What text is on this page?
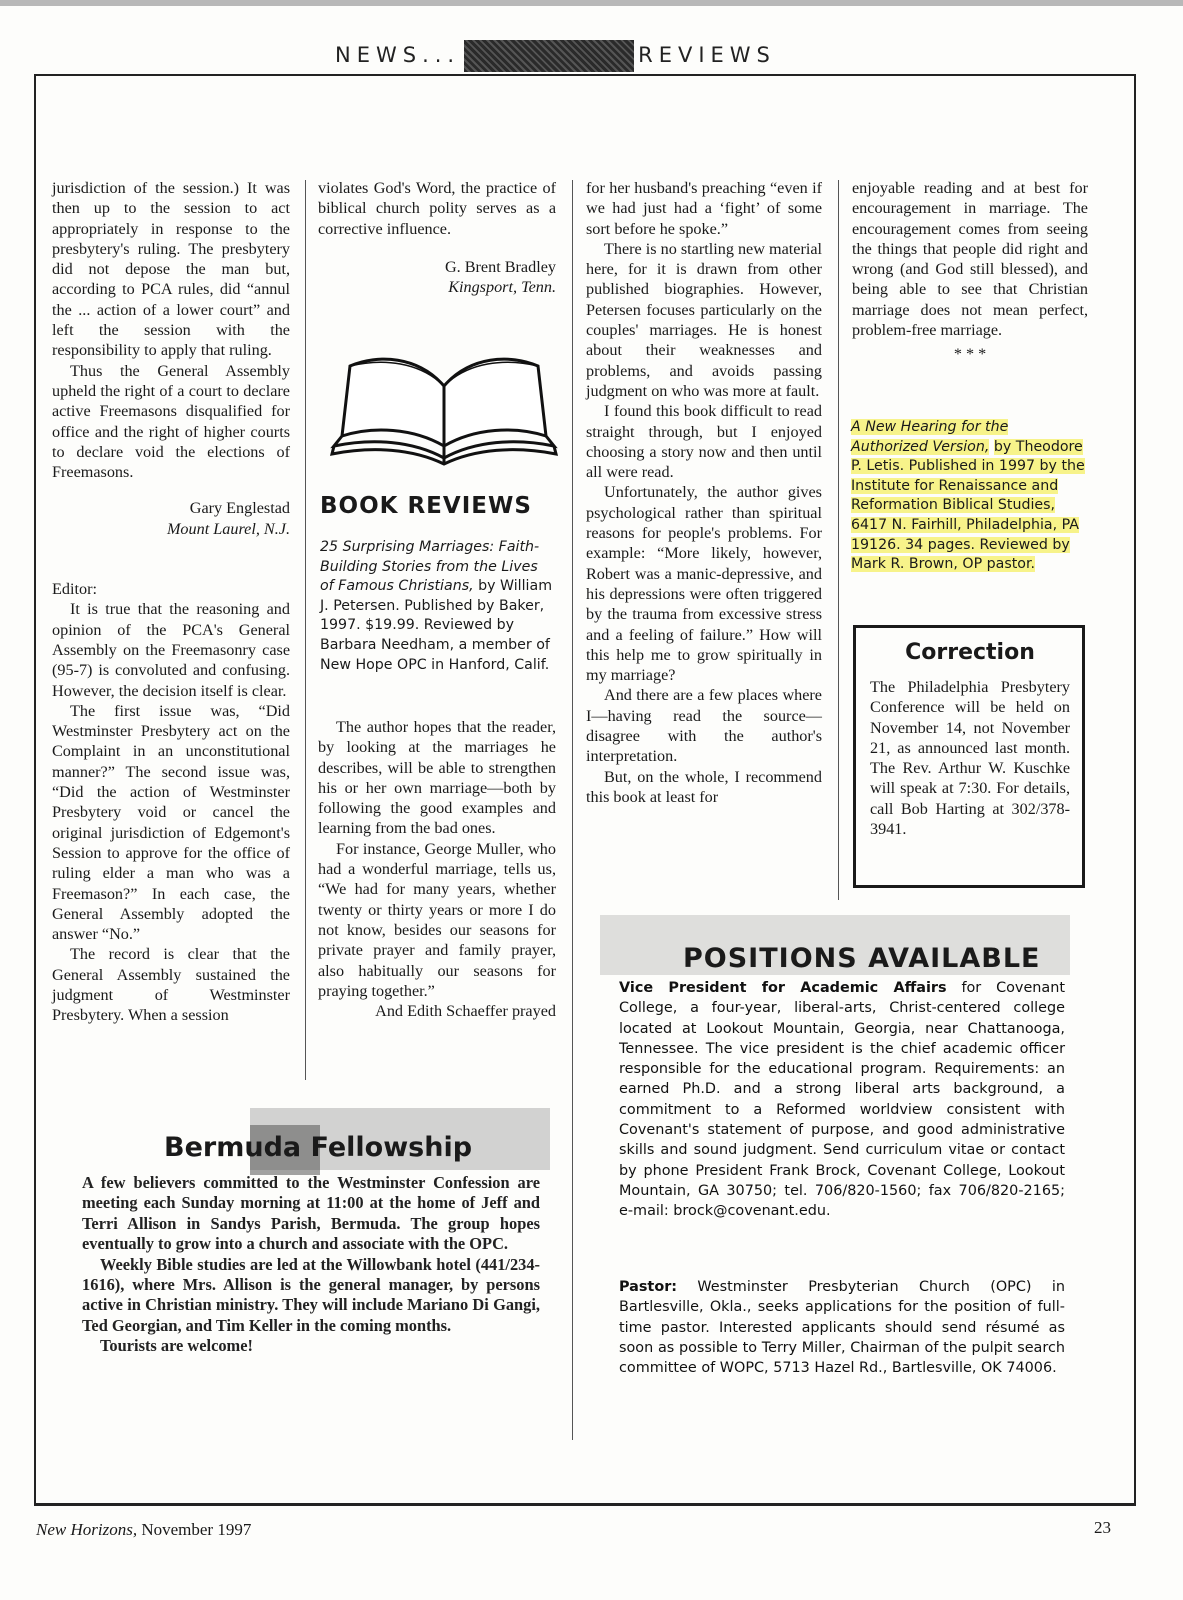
NEWS...	REVIEWS

jurisdiction of the session.) It was then up to the session to act appropriately in response to the presbytery's ruling. The presbytery did not depose the man but, according to PCA rules, did “annul the ... action of a lower court” and left the session with the responsibility to apply that ruling.

Thus the General Assembly upheld the right of a court to declare active Freemasons disqualified for office and the right of higher courts to declare void the elections of Freemasons.

Gary Englestad

Mount Laurel, N.J.

Editor:

It is true that the reasoning and opinion of the PCA's General Assembly on the Freemasonry case (95-7) is convoluted and confusing. However, the decision itself is clear.

The first issue was, “Did Westminster Presbytery act on the Complaint in an unconstitutional manner?” The second issue was, “Did the action of Westminster Presbytery void or cancel the original jurisdiction of Edgemont's Session to approve for the office of ruling elder a man who was a Freemason?” In each case, the General Assembly adopted the answer “No.”

The record is clear that the General Assembly sustained the judgment of Westminster Presbytery. When a session

violates God's Word, the practice of biblical church polity serves as a corrective influence.

G. Brent Bradley

Kingsport, Tenn.

BOOK REVIEWS
25 Surprising Marriages: Faith-Building Stories from the Lives of Famous Christians, by William J. Petersen. Published by Baker, 1997. $19.99. Reviewed by Barbara Needham, a member of New Hope OPC in Hanford, Calif.

The author hopes that the reader, by looking at the marriages he describes, will be able to strengthen his or her own marriage—both by following the good examples and learning from the bad ones.

For instance, George Muller, who had a wonderful marriage, tells us, “We had for many years, whether twenty or thirty years or more I do not know, besides our seasons for private prayer and family prayer, also habitually our seasons for praying together.”

And Edith Schaeffer prayed

for her husband's preaching “even if we had just had a ‘fight’ of some sort before he spoke.”

There is no startling new material here, for it is drawn from other published biographies. However, Petersen focuses particularly on the couples' marriages. He is honest about their weaknesses and problems, and avoids passing judgment on who was more at fault.

I found this book difficult to read straight through, but I enjoyed choosing a story now and then until all were read.

Unfortunately, the author gives psychological rather than spiritual reasons for people's problems. For example: “More likely, however, Robert was a manic-depressive, and his depressions were often triggered by the trauma from excessive stress and a feeling of failure.” How will this help me to grow spiritually in my marriage?

And there are a few places where I—having read the source—disagree with the author's interpretation.

But, on the whole, I recommend this book at least for

enjoyable reading and at best for encouragement in marriage. The encouragement comes from seeing the things that people did right and wrong (and God still blessed), and being able to see that Christian marriage does not mean perfect, problem-free marriage.

* * *

A New Hearing for the Authorized Version, by Theodore P. Letis. Published in 1997 by the Institute for Renaissance and Reformation Biblical Studies, 6417 N. Fairhill, Philadelphia, PA 19126. 34 pages. Reviewed by Mark R. Brown, OP pastor.
Correction
The Philadelphia Presbytery Conference will be held on November 14, not November 21, as announced last month. The Rev. Arthur W. Kuschke will speak at 7:30. For details, call Bob Harting at 302/378-3941.
Bermuda Fellowship

A few believers committed to the Westminster Confession are meeting each Sunday morning at 11:00 at the home of Jeff and Terri Allison in Sandys Parish, Bermuda. The group hopes eventually to grow into a church and associate with the OPC.

Weekly Bible studies are led at the Willowbank hotel (441/234-1616), where Mrs. Allison is the general manager, by persons active in Christian ministry. They will include Mariano Di Gangi, Ted Georgian, and Tim Keller in the coming months.

Tourists are welcome!

POSITIONS AVAILABLE
Vice President for Academic Affairs for Covenant College, a four-year, liberal-arts, Christ-centered college located at Lookout Mountain, Georgia, near Chattanooga, Tennessee. The vice president is the chief academic officer responsible for the educational program. Requirements: an earned Ph.D. and a strong liberal arts background, a commitment to a Reformed worldview consistent with Covenant's statement of purpose, and good administrative skills and sound judgment. Send curriculum vitae or contact by phone President Frank Brock, Covenant College, Lookout Mountain, GA 30750; tel. 706/820-1560; fax 706/820-2165; e-mail: brock@covenant.edu.
Pastor: Westminster Presbyterian Church (OPC) in Bartlesville, Okla., seeks applications for the position of full-time pastor. Interested applicants should send résumé as soon as possible to Terry Miller, Chairman of the pulpit search committee of WOPC, 5713 Hazel Rd., Bartlesville, OK 74006.
New Horizons, November 1997	23
